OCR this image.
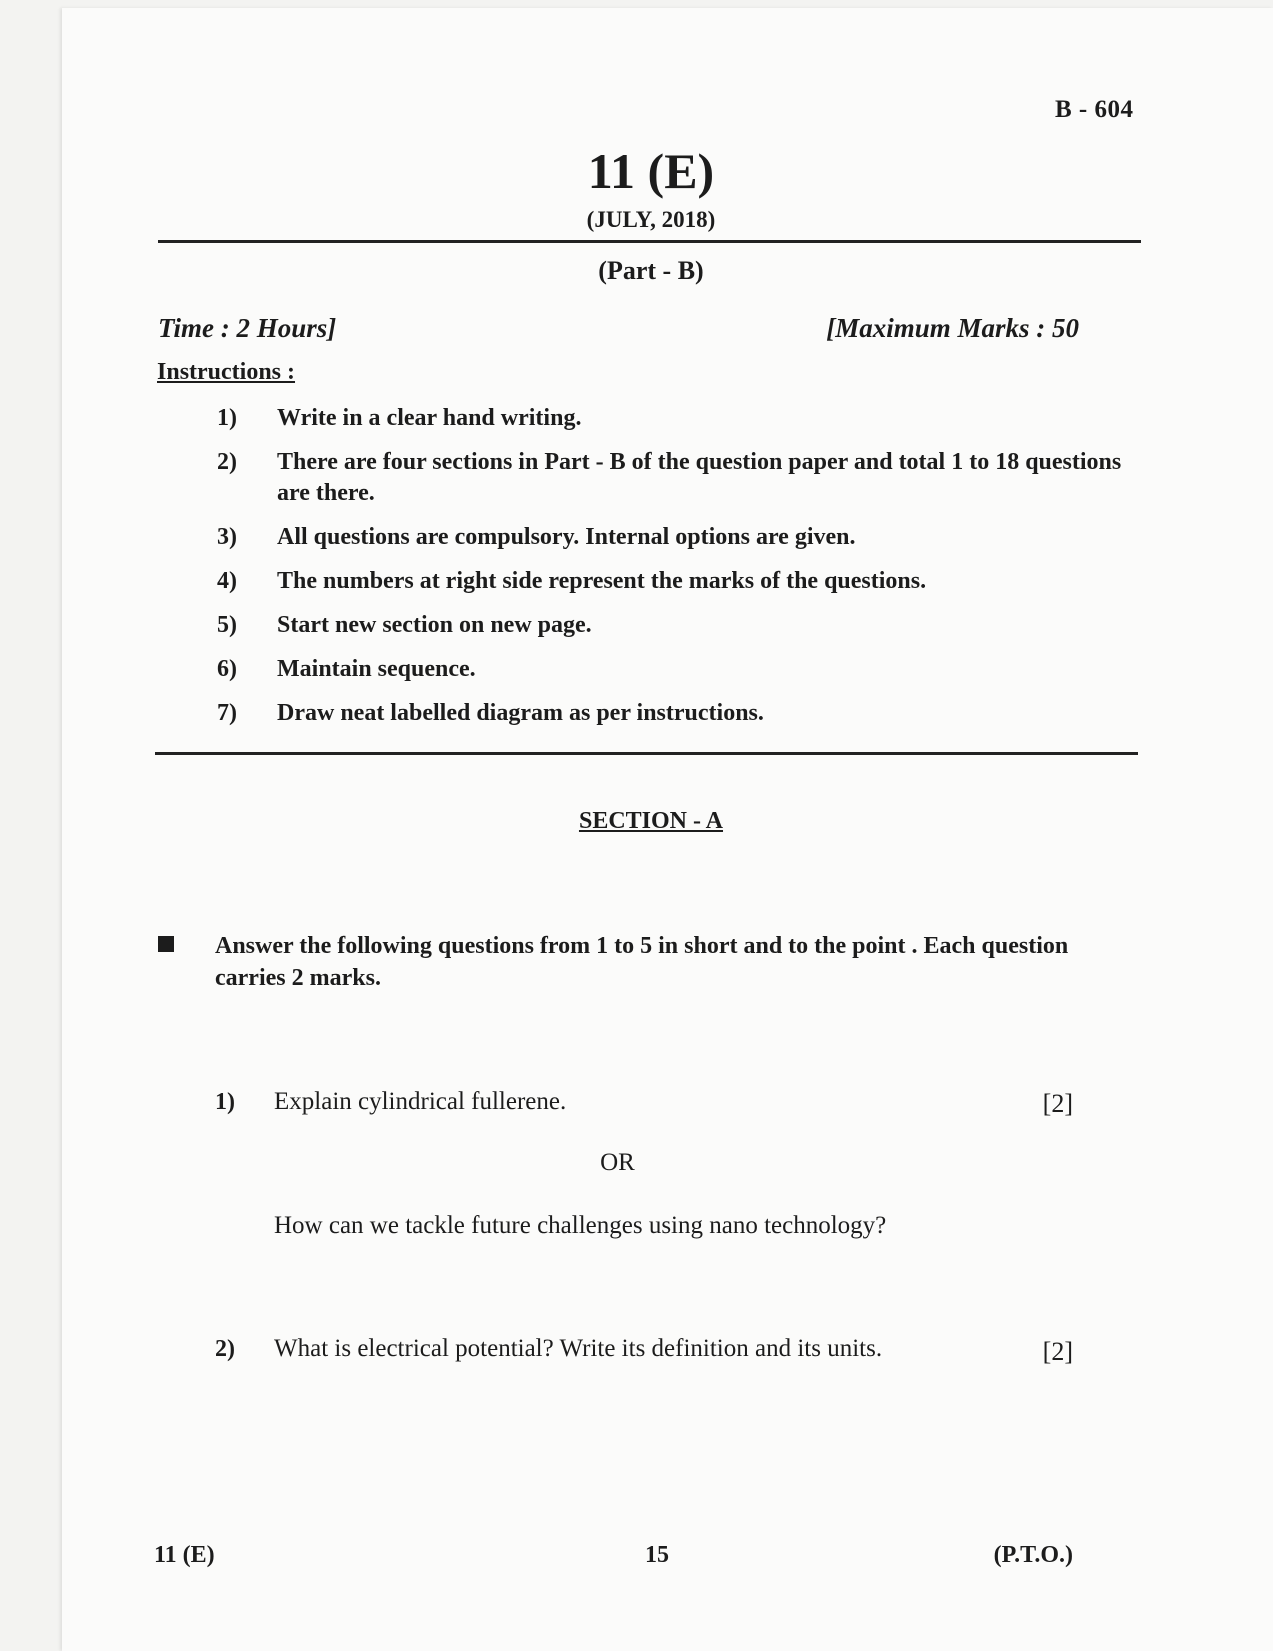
B - 604
11 (E)
(JULY, 2018)
(Part - B)
Time : 2 Hours]	[Maximum Marks : 50
Instructions :
1)	Write in a clear hand writing.
2)	There are four sections in Part - B of the question paper and total 1 to 18 questions are there.
3)	All questions are compulsory. Internal options are given.
4)	The numbers at right side represent the marks of the questions.
5)	Start new section on new page.
6)	Maintain sequence.
7)	Draw neat labelled diagram as per instructions.
SECTION - A
Answer the following questions from 1 to 5 in short and to the point . Each question carries 2 marks.
1) Explain cylindrical fullerene.	[2]
OR
How can we tackle future challenges using nano technology?
2) What is electrical potential? Write its definition and its units.	[2]
11 (E)	15	(P.T.O.)
